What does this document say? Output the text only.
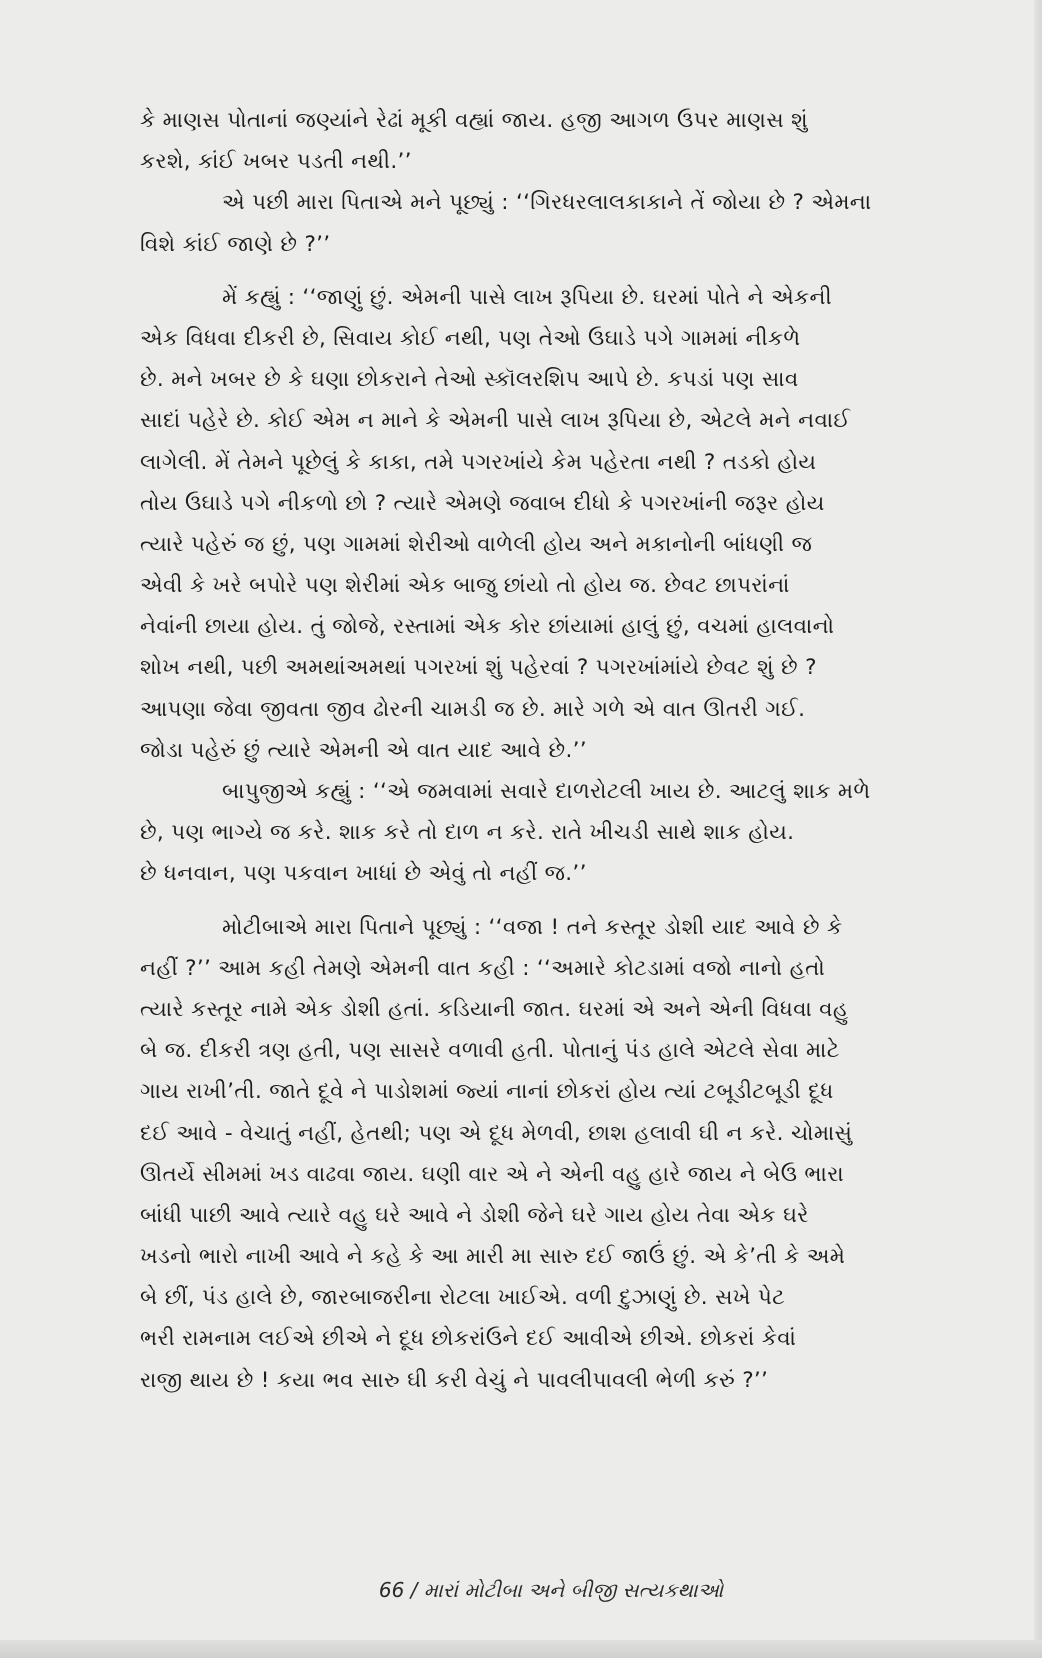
કે માણસ પોતાનાં જણ્યાંને રેઢાં મૂકી વહ્યાં જાય. હજી આગળ ઉપર માણસ શું
કરશે, કાંઈ ખબર પડતી નથી.’’
એ પછી મારા પિતાએ મને પૂછ્યું : ‘‘ગિરધરલાલકાકાને તેં જોયા છે ? એમના
વિશે કાંઈ જાણે છે ?’’
મેં કહ્યું : ‘‘જાણું છું. એમની પાસે લાખ રૂપિયા છે. ઘરમાં પોતે ને એકની
એક વિધવા દીકરી છે, સિવાય કોઈ નથી, પણ તેઓ ઉઘાડે પગે ગામમાં નીકળે
છે. મને ખબર છે કે ઘણા છોકરાને તેઓ સ્કૉલરશિપ આપે છે. કપડાં પણ સાવ
સાદાં પહેરે છે. કોઈ એમ ન માને કે એમની પાસે લાખ રૂપિયા છે, એટલે મને નવાઈ
લાગેલી. મેં તેમને પૂછેલું કે કાકા, તમે પગરખાંયે કેમ પહેરતા નથી ? તડકો હોય
તોય ઉઘાડે પગે નીકળો છો ? ત્યારે એમણે જવાબ દીધો કે પગરખાંની જરૂર હોય
ત્યારે પહેરું જ છું, પણ ગામમાં શેરીઓ વાળેલી હોય અને મકાનોની બાંધણી જ
એવી કે ખરે બપોરે પણ શેરીમાં એક બાજુ છાંયો તો હોય જ. છેવટ છાપરાંનાં
નેવાંની છાયા હોય. તું જોજે, રસ્તામાં એક કોર છાંયામાં હાલું છું, વચમાં હાલવાનો
શોખ નથી, પછી અમથાંઅમથાં પગરખાં શું પહેરવાં ? પગરખાંમાંયે છેવટ શું છે ?
આપણા જેવા જીવતા જીવ ઢોરની ચામડી જ છે. મારે ગળે એ વાત ઊતરી ગઈ.
જોડા પહેરું છું ત્યારે એમની એ વાત યાદ આવે છે.’’
બાપુજીએ કહ્યું : ‘‘એ જમવામાં સવારે દાળરોટલી ખાય છે. આટલું શાક મળે
છે, પણ ભાગ્યે જ કરે. શાક કરે તો દાળ ન કરે. રાતે ખીચડી સાથે શાક હોય.
છે ધનવાન, પણ પકવાન ખાધાં છે એવું તો નહીં જ.’’
મોટીબાએ મારા પિતાને પૂછ્યું : ‘‘વજા ! તને કસ્તૂર ડોશી યાદ આવે છે કે
નહીં ?’’ આમ કહી તેમણે એમની વાત કહી : ‘‘અમારે કોટડામાં વજો નાનો હતો
ત્યારે કસ્તૂર નામે એક ડોશી હતાં. કડિયાની જાત. ઘરમાં એ અને એની વિધવા વહુ
બે જ. દીકરી ત્રણ હતી, પણ સાસરે વળાવી હતી. પોતાનું પંડ હાલે એટલે સેવા માટે
ગાય રાખી’તી. જાતે દૂવે ને પાડોશમાં જ્યાં નાનાં છોકરાં હોય ત્યાં ટબૂડીટબૂડી દૂધ
દઈ આવે - વેચાતું નહીં, હેતથી; પણ એ દૂધ મેળવી, છાશ હલાવી ઘી ન કરે. ચોમાસું
ઊતર્યે સીમમાં ખડ વાઢવા જાય. ઘણી વાર એ ને એની વહુ હારે જાય ને બેઉ ભારા
બાંધી પાછી આવે ત્યારે વહુ ઘરે આવે ને ડોશી જેને ઘરે ગાય હોય તેવા એક ઘરે
ખડનો ભારો નાખી આવે ને કહે કે આ મારી મા સારુ દઈ જાઉં છું. એ કે’તી કે અમે
બે છીં, પંડ હાલે છે, જારબાજરીના રોટલા ખાઈએ. વળી દુઝાણું છે. સખે પેટ
ભરી રામનામ લઈએ છીએ ને દૂધ છોકરાંઉને દઈ આવીએ છીએ. છોકરાં કેવાં
રાજી થાય છે ! કયા ભવ સારુ ઘી કરી વેચું ને પાવલીપાવલી ભેળી કરું ?’’
66 / મારાં મોટીબા અને બીજી સત્યકથાઓ
